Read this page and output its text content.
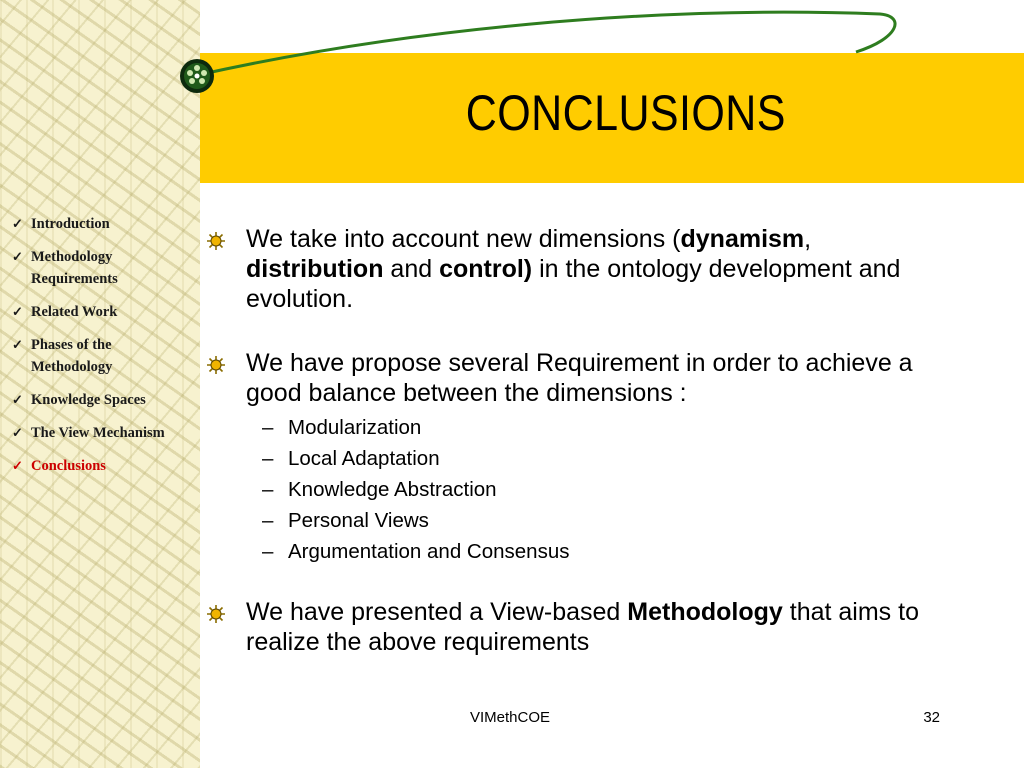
CONCLUSIONS
✓ Introduction
✓ Methodology
Requirements
✓ Related Work
✓ Phases of the
Methodology
✓ Knowledge Spaces
✓ The View Mechanism
✓ Conclusions
We take into account new dimensions (dynamism, distribution and control) in the ontology development and evolution.
We have propose several Requirement in order to achieve a good balance between the dimensions :
– Modularization
– Local Adaptation
– Knowledge Abstraction
– Personal Views
– Argumentation and Consensus
We have presented a View-based Methodology that aims to realize the above requirements
VIMethCOE	32
